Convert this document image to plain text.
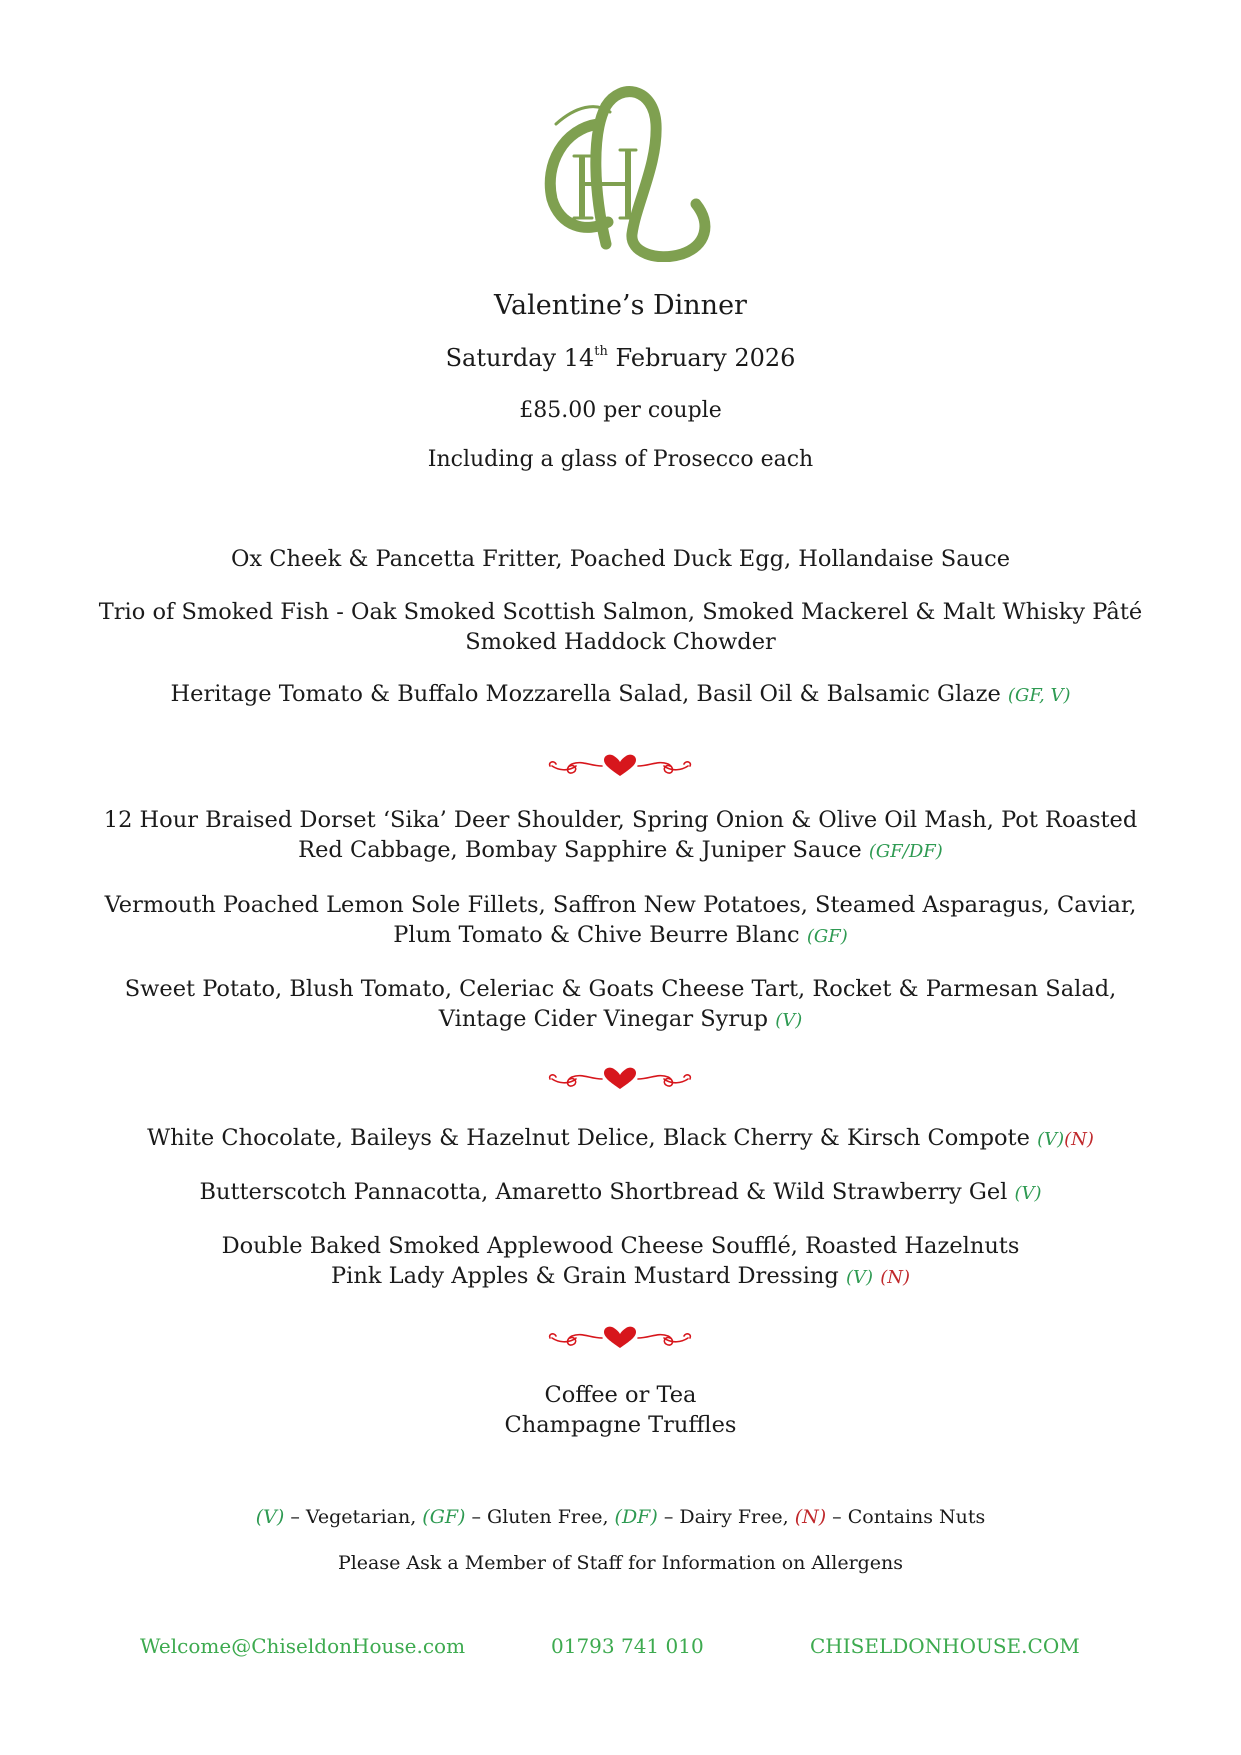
Valentine’s Dinner
Saturday 14th February 2026
£85.00 per couple
Including a glass of Prosecco each
Ox Cheek & Pancetta Fritter, Poached Duck Egg, Hollandaise Sauce
Trio of Smoked Fish - Oak Smoked Scottish Salmon, Smoked Mackerel & Malt Whisky Pâté
Smoked Haddock Chowder
Heritage Tomato & Buffalo Mozzarella Salad, Basil Oil & Balsamic Glaze (GF, V)
12 Hour Braised Dorset ‘Sika’ Deer Shoulder, Spring Onion & Olive Oil Mash, Pot Roasted
Red Cabbage, Bombay Sapphire & Juniper Sauce (GF/DF)
Vermouth Poached Lemon Sole Fillets, Saffron New Potatoes, Steamed Asparagus, Caviar,
Plum Tomato & Chive Beurre Blanc (GF)
Sweet Potato, Blush Tomato, Celeriac & Goats Cheese Tart, Rocket & Parmesan Salad,
Vintage Cider Vinegar Syrup (V)
White Chocolate, Baileys & Hazelnut Delice, Black Cherry & Kirsch Compote (V)(N)
Butterscotch Pannacotta, Amaretto Shortbread & Wild Strawberry Gel (V)
Double Baked Smoked Applewood Cheese Soufflé, Roasted Hazelnuts
Pink Lady Apples & Grain Mustard Dressing (V) (N)
Coffee or Tea
Champagne Truffles
(V) – Vegetarian, (GF) – Gluten Free, (DF) – Dairy Free, (N) – Contains Nuts
Please Ask a Member of Staff for Information on Allergens
Welcome@ChiseldonHouse.com	01793 741 010	CHISELDONHOUSE.COM
